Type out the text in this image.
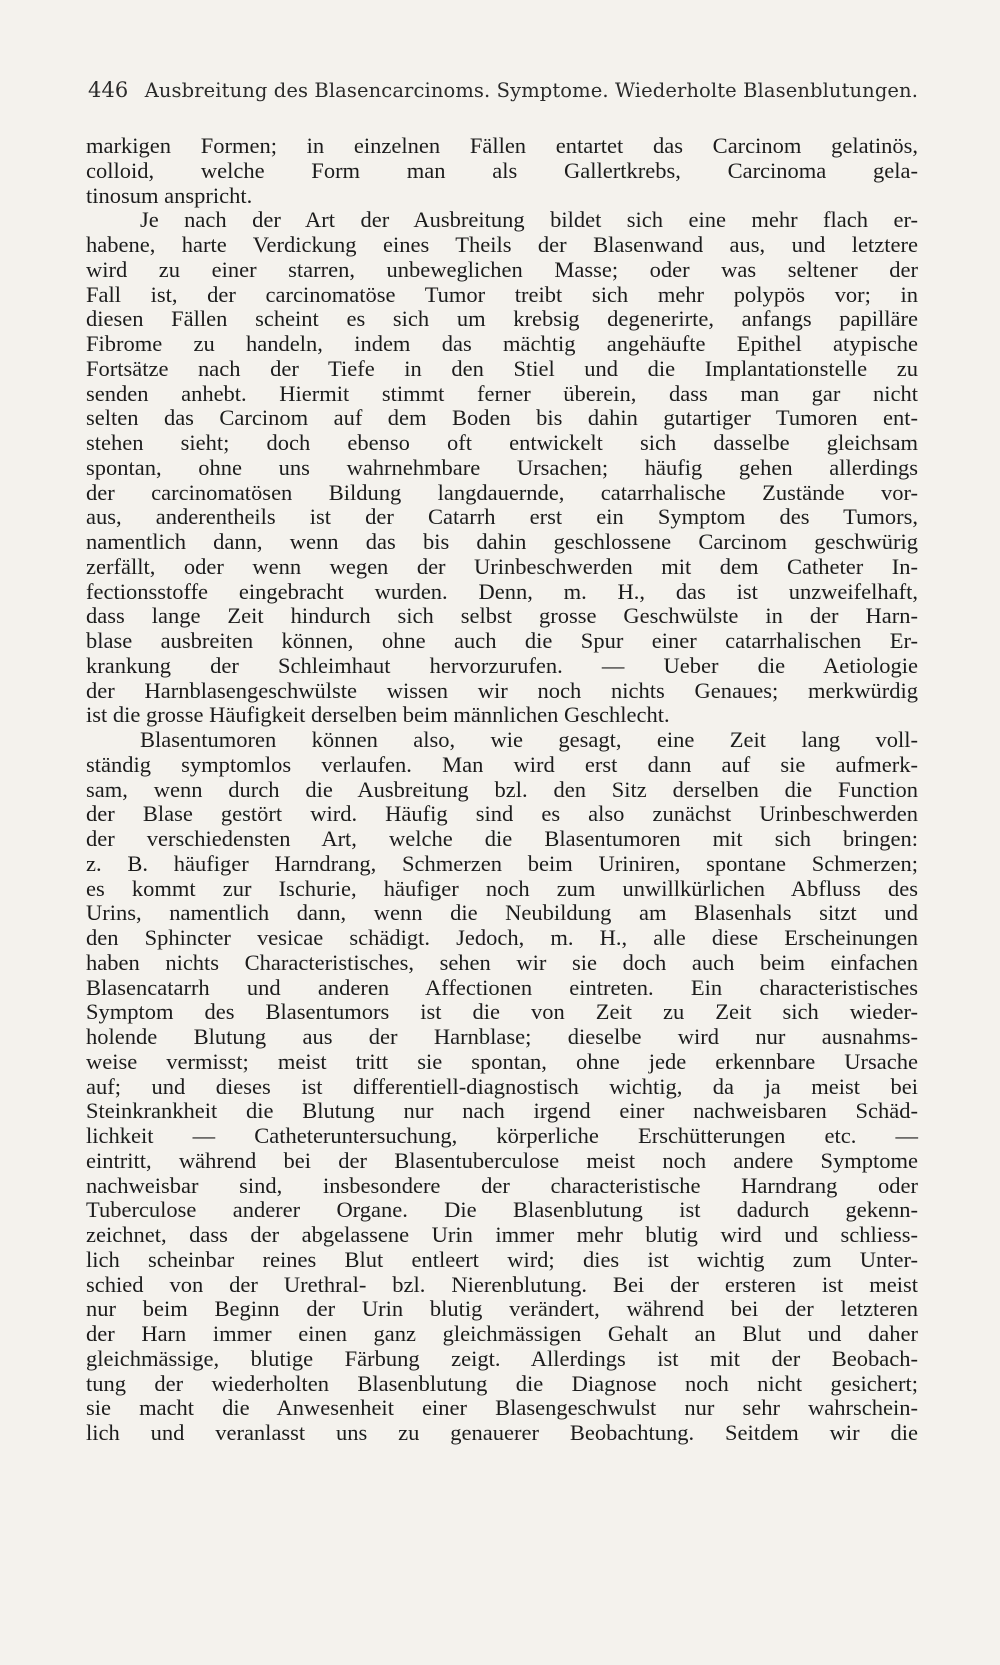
446 Ausbreitung des Blasencarcinoms. Symptome. Wiederholte Blasenblutungen.
markigen Formen; in einzelnen Fällen entartet das Carcinom gelatinös,
colloid, welche Form man als Gallertkrebs, Carcinoma gela-
tinosum anspricht.
Je nach der Art der Ausbreitung bildet sich eine mehr flach er-
habene, harte Verdickung eines Theils der Blasenwand aus, und letztere
wird zu einer starren, unbeweglichen Masse; oder was seltener der
Fall ist, der carcinomatöse Tumor treibt sich mehr polypös vor; in
diesen Fällen scheint es sich um krebsig degenerirte, anfangs papilläre
Fibrome zu handeln, indem das mächtig angehäufte Epithel atypische
Fortsätze nach der Tiefe in den Stiel und die Implantationstelle zu
senden anhebt. Hiermit stimmt ferner überein, dass man gar nicht
selten das Carcinom auf dem Boden bis dahin gutartiger Tumoren ent-
stehen sieht; doch ebenso oft entwickelt sich dasselbe gleichsam
spontan, ohne uns wahrnehmbare Ursachen; häufig gehen allerdings
der carcinomatösen Bildung langdauernde, catarrhalische Zustände vor-
aus, anderentheils ist der Catarrh erst ein Symptom des Tumors,
namentlich dann, wenn das bis dahin geschlossene Carcinom geschwürig
zerfällt, oder wenn wegen der Urinbeschwerden mit dem Catheter In-
fectionsstoffe eingebracht wurden. Denn, m. H., das ist unzweifelhaft,
dass lange Zeit hindurch sich selbst grosse Geschwülste in der Harn-
blase ausbreiten können, ohne auch die Spur einer catarrhalischen Er-
krankung der Schleimhaut hervorzurufen. — Ueber die Aetiologie
der Harnblasengeschwülste wissen wir noch nichts Genaues; merkwürdig
ist die grosse Häufigkeit derselben beim männlichen Geschlecht.
Blasentumoren können also, wie gesagt, eine Zeit lang voll-
ständig symptomlos verlaufen. Man wird erst dann auf sie aufmerk-
sam, wenn durch die Ausbreitung bzl. den Sitz derselben die Function
der Blase gestört wird. Häufig sind es also zunächst Urinbeschwerden
der verschiedensten Art, welche die Blasentumoren mit sich bringen:
z. B. häufiger Harndrang, Schmerzen beim Uriniren, spontane Schmerzen;
es kommt zur Ischurie, häufiger noch zum unwillkürlichen Abfluss des
Urins, namentlich dann, wenn die Neubildung am Blasenhals sitzt und
den Sphincter vesicae schädigt. Jedoch, m. H., alle diese Erscheinungen
haben nichts Characteristisches, sehen wir sie doch auch beim einfachen
Blasencatarrh und anderen Affectionen eintreten. Ein characteristisches
Symptom des Blasentumors ist die von Zeit zu Zeit sich wieder-
holende Blutung aus der Harnblase; dieselbe wird nur ausnahms-
weise vermisst; meist tritt sie spontan, ohne jede erkennbare Ursache
auf; und dieses ist differentiell-diagnostisch wichtig, da ja meist bei
Steinkrankheit die Blutung nur nach irgend einer nachweisbaren Schäd-
lichkeit — Catheteruntersuchung, körperliche Erschütterungen etc. —
eintritt, während bei der Blasentuberculose meist noch andere Symptome
nachweisbar sind, insbesondere der characteristische Harndrang oder
Tuberculose anderer Organe. Die Blasenblutung ist dadurch gekenn-
zeichnet, dass der abgelassene Urin immer mehr blutig wird und schliess-
lich scheinbar reines Blut entleert wird; dies ist wichtig zum Unter-
schied von der Urethral- bzl. Nierenblutung. Bei der ersteren ist meist
nur beim Beginn der Urin blutig verändert, während bei der letzteren
der Harn immer einen ganz gleichmässigen Gehalt an Blut und daher
gleichmässige, blutige Färbung zeigt. Allerdings ist mit der Beobach-
tung der wiederholten Blasenblutung die Diagnose noch nicht gesichert;
sie macht die Anwesenheit einer Blasengeschwulst nur sehr wahrschein-
lich und veranlasst uns zu genauerer Beobachtung. Seitdem wir die
